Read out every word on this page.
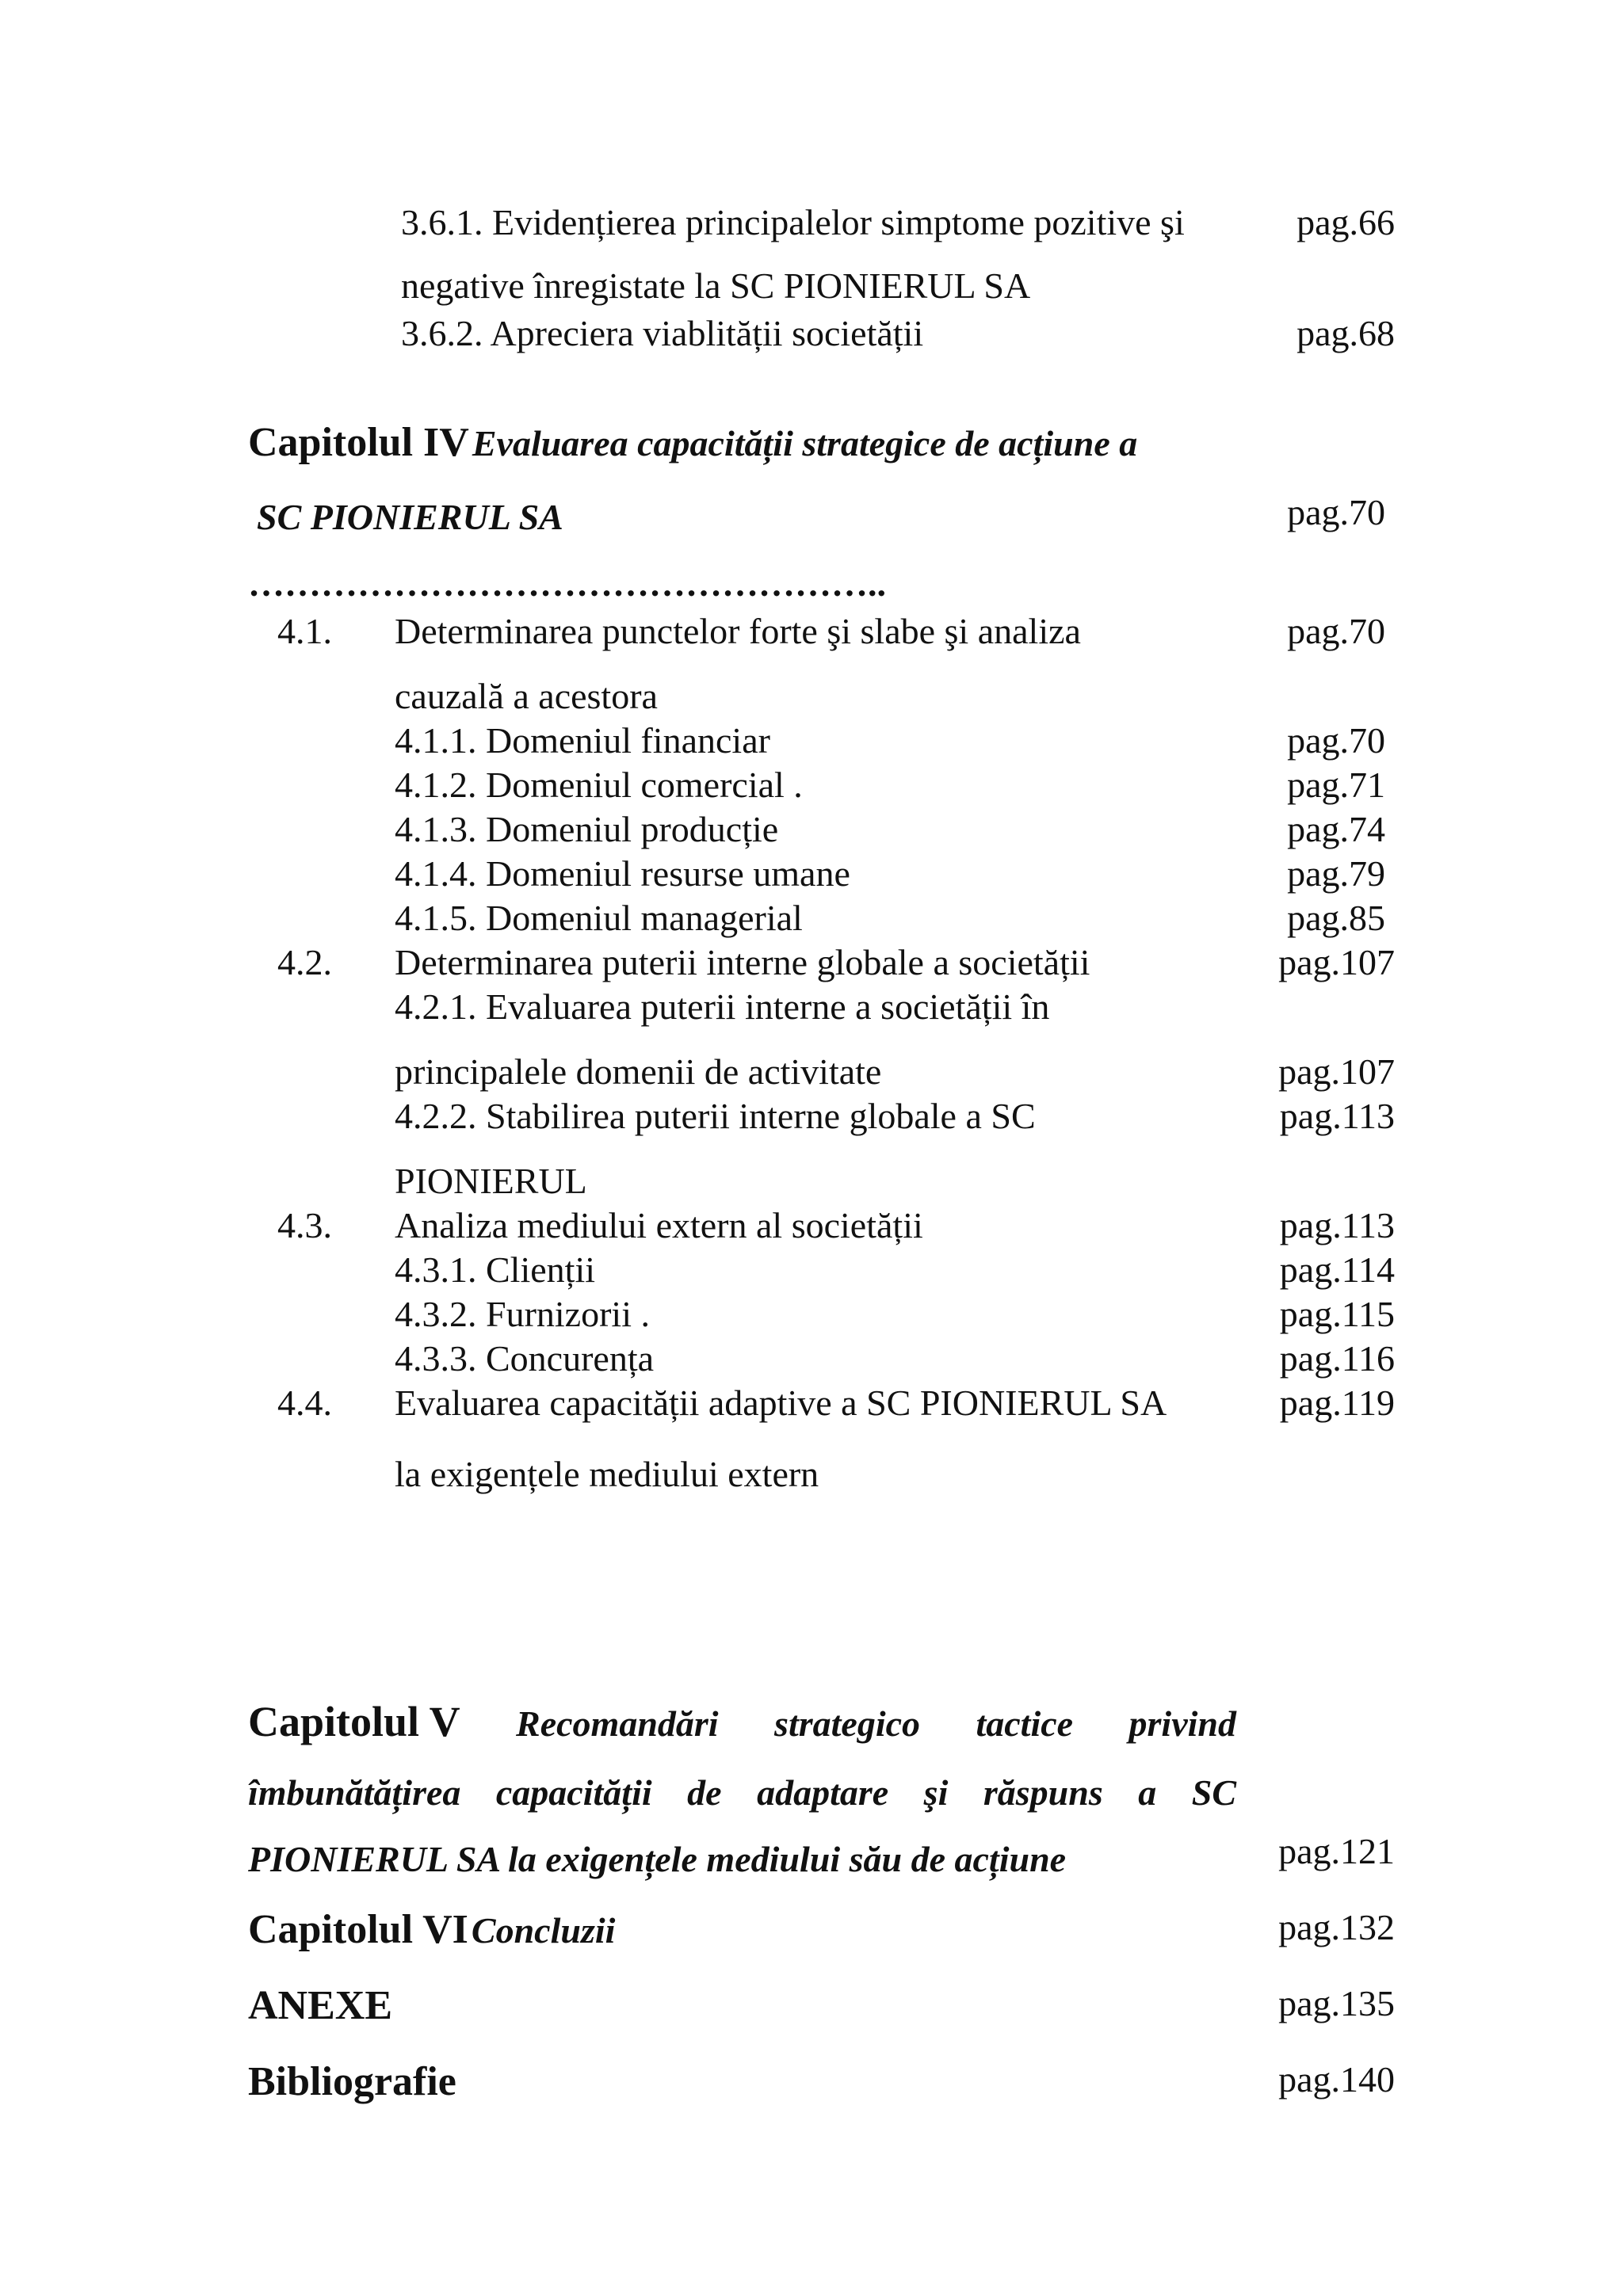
3.6.1. Evidențierea principalelor simptome pozitive şi	pag.66
negative înregistate la SC PIONIERUL SA
3.6.2. Apreciera viablității societății	pag.68
Capitolul IV Evaluarea capacității strategice de acțiune a
SC PIONIERUL SA	pag.70
……………………………………………..
4.1. Determinarea punctelor forte şi slabe şi analiza	pag.70
cauzală a acestora
4.1.1. Domeniul financiar	pag.70
4.1.2. Domeniul comercial .	pag.71
4.1.3. Domeniul producție	pag.74
4.1.4. Domeniul resurse umane	pag.79
4.1.5. Domeniul managerial	pag.85
4.2. Determinarea puterii interne globale a societății	pag.107
4.2.1. Evaluarea puterii interne a societății în
principalele domenii de activitate	pag.107
4.2.2. Stabilirea puterii interne globale a SC	pag.113
PIONIERUL
4.3. Analiza mediului extern al societății	pag.113
4.3.1. Clienții	pag.114
4.3.2. Furnizorii .	pag.115
4.3.3. Concurența	pag.116
4.4. Evaluarea capacității adaptive a SC PIONIERUL SA	pag.119
la exigențele mediului extern
Capitolul V Recomandări strategico tactice privind
îmbunătățirea capacității de adaptare şi răspuns a SC
PIONIERUL SA la exigențele mediului său de acțiune	pag.121
Capitolul VI Concluzii	pag.132
ANEXE	pag.135
Bibliografie	pag.140
